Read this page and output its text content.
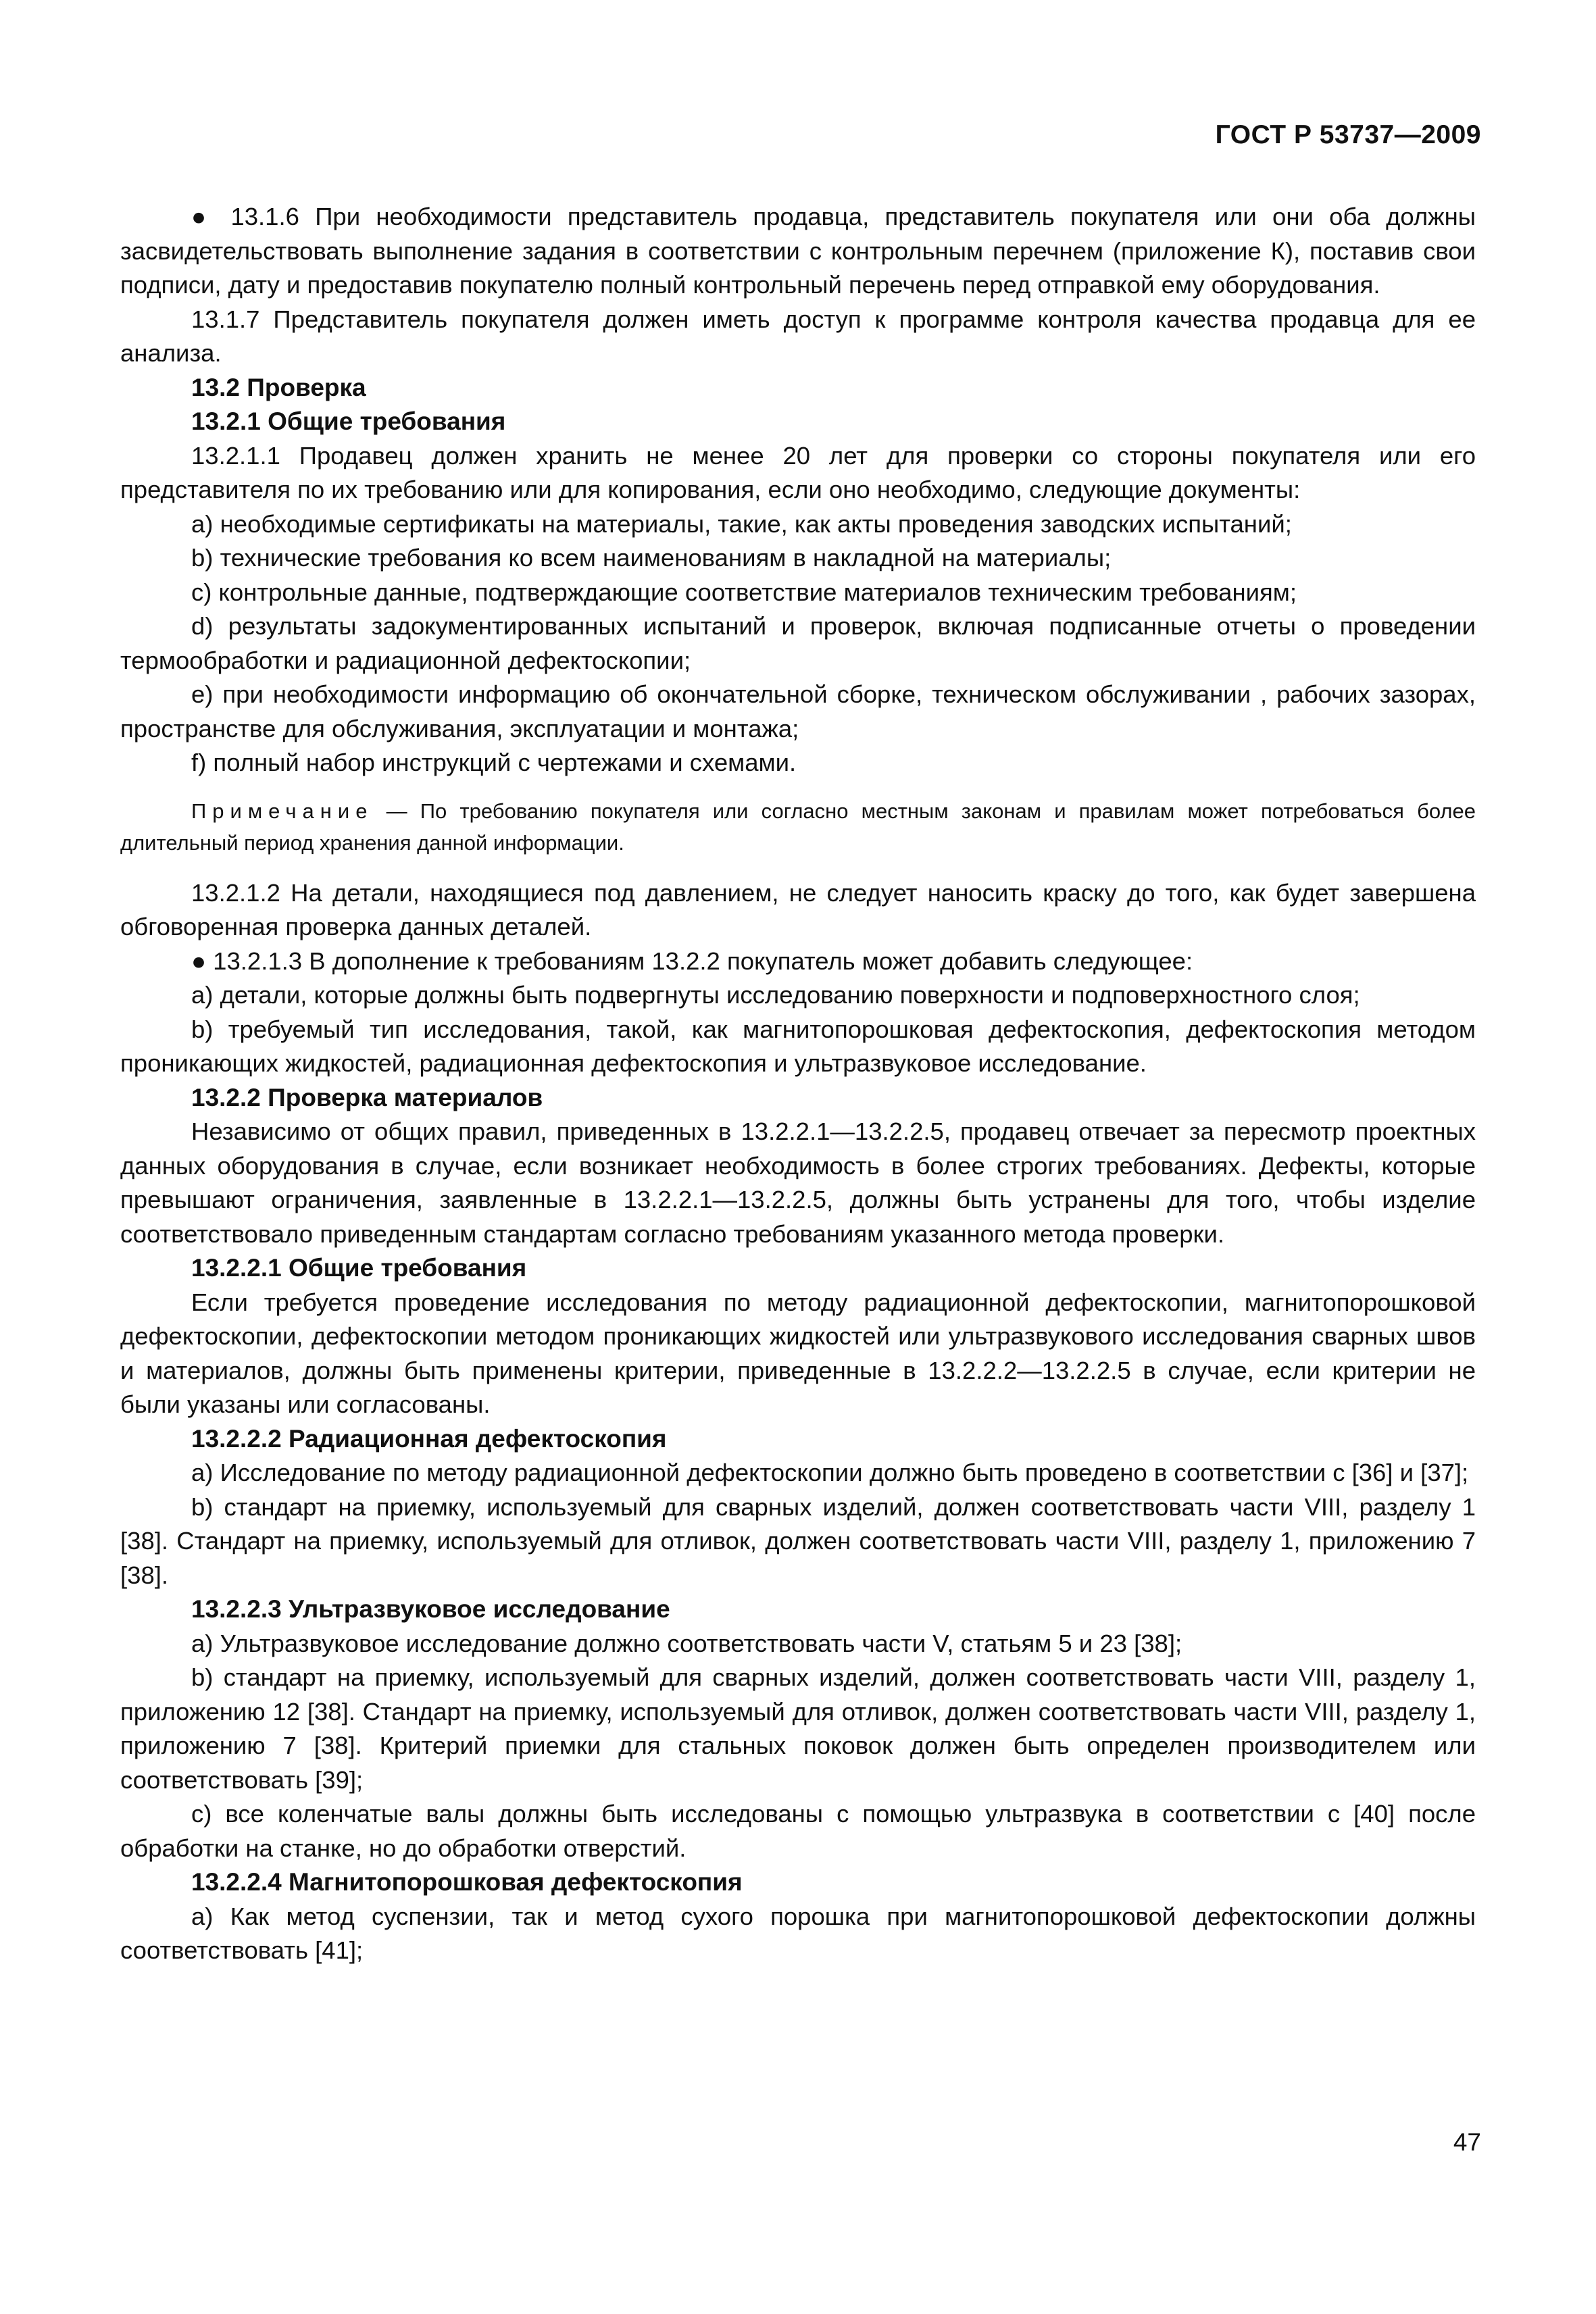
ГОСТ Р 53737—2009

● 13.1.6 При необходимости представитель продавца, представитель покупателя или они оба должны засвидетельствовать выполнение задания в соответствии с контрольным перечнем (приложение К), поставив свои подписи, дату и предоставив покупателю полный контрольный перечень перед отправкой ему оборудования.

13.1.7 Представитель покупателя должен иметь доступ к программе контроля качества продавца для ее анализа.

13.2 Проверка

13.2.1 Общие требования

13.2.1.1 Продавец должен хранить не менее 20 лет для проверки со стороны покупателя или его представителя по их требованию или для копирования, если оно необходимо, следующие документы:

a) необходимые сертификаты на материалы, такие, как акты проведения заводских испытаний;

b) технические требования ко всем наименованиям в накладной на материалы;

c) контрольные данные, подтверждающие соответствие материалов техническим требованиям;

d) результаты задокументированных испытаний и проверок, включая подписанные отчеты о проведении термообработки и радиационной дефектоскопии;

e) при необходимости информацию об окончательной сборке, техническом обслуживании , рабочих зазорах, пространстве для обслуживания, эксплуатации и монтажа;

f) полный набор инструкций с чертежами и схемами.

Примечание — По требованию покупателя или согласно местным законам и правилам может потребоваться более длительный период хранения данной информации.

13.2.1.2 На детали, находящиеся под давлением, не следует наносить краску до того, как будет завершена обговоренная проверка данных деталей.

● 13.2.1.3 В дополнение к требованиям 13.2.2 покупатель может добавить следующее:

a) детали, которые должны быть подвергнуты исследованию поверхности и подповерхностного слоя;

b) требуемый тип исследования, такой, как магнитопорошковая дефектоскопия, дефектоскопия методом проникающих жидкостей, радиационная дефектоскопия и ультразвуковое исследование.

13.2.2 Проверка материалов

Независимо от общих правил, приведенных в 13.2.2.1—13.2.2.5, продавец отвечает за пересмотр проектных данных оборудования в случае, если возникает необходимость в более строгих требованиях. Дефекты, которые превышают ограничения, заявленные в 13.2.2.1—13.2.2.5, должны быть устранены для того, чтобы изделие соответствовало приведенным стандартам согласно требованиям указанного метода проверки.

13.2.2.1 Общие требования

Если требуется проведение исследования по методу радиационной дефектоскопии, магнитопорошковой дефектоскопии, дефектоскопии методом проникающих жидкостей или ультразвукового исследования сварных швов и материалов, должны быть применены критерии, приведенные в 13.2.2.2—13.2.2.5 в случае, если критерии не были указаны или согласованы.

13.2.2.2 Радиационная дефектоскопия

a) Исследование по методу радиационной дефектоскопии должно быть проведено в соответствии с [36] и [37];

b) стандарт на приемку, используемый для сварных изделий, должен соответствовать части VIII, разделу 1 [38]. Стандарт на приемку, используемый для отливок, должен соответствовать части VIII, разделу 1, приложению 7 [38].

13.2.2.3 Ультразвуковое исследование

a) Ультразвуковое исследование должно соответствовать части V, статьям 5 и 23 [38];

b) стандарт на приемку, используемый для сварных изделий, должен соответствовать части VIII, разделу 1, приложению 12 [38]. Стандарт на приемку, используемый для отливок, должен соответствовать части VIII, разделу 1, приложению 7 [38]. Критерий приемки для стальных поковок должен быть определен производителем или соответствовать [39];

c) все коленчатые валы должны быть исследованы с помощью ультразвука в соответствии с [40] после обработки на станке, но до обработки отверстий.

13.2.2.4 Магнитопорошковая дефектоскопия

a) Как метод суспензии, так и метод сухого порошка при магнитопорошковой дефектоскопии должны соответствовать [41];

47
